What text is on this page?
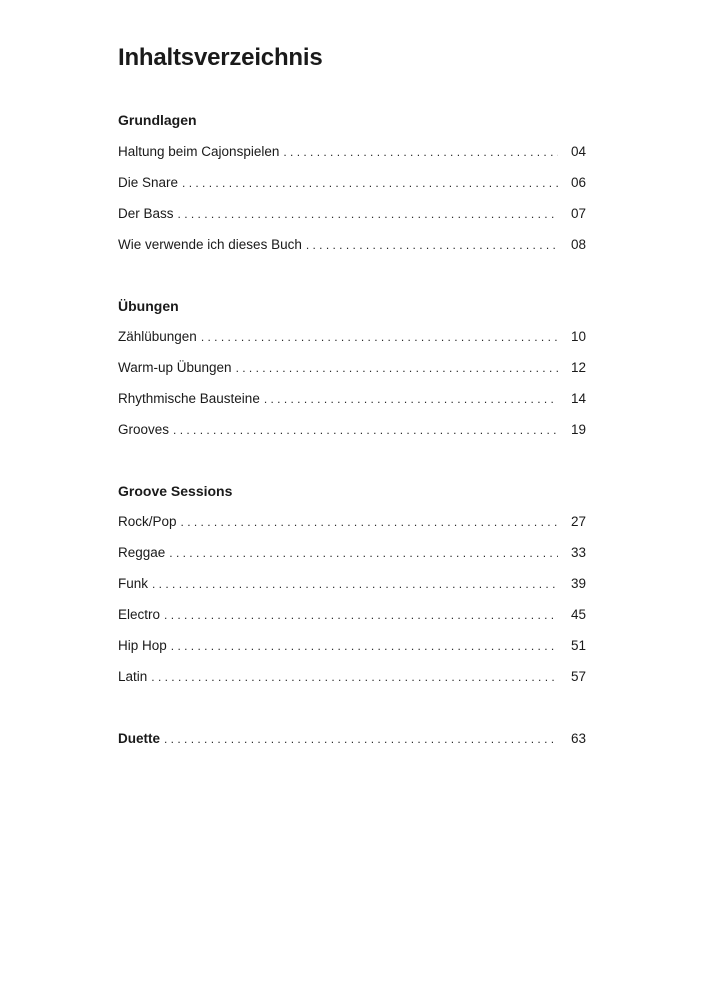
Inhaltsverzeichnis
Grundlagen
Haltung beim Cajonspielen . . .	04
Die Snare . . .	06
Der Bass . . .	07
Wie verwende ich dieses Buch . . .	08
Übungen
Zählübungen . . .	10
Warm-up Übungen . . .	12
Rhythmische Bausteine . . .	14
Grooves . . .	19
Groove Sessions
Rock/Pop . . .	27
Reggae . . .	33
Funk . . .	39
Electro . . .	45
Hip Hop . . .	51
Latin . . .	57
Duette . . .	63
